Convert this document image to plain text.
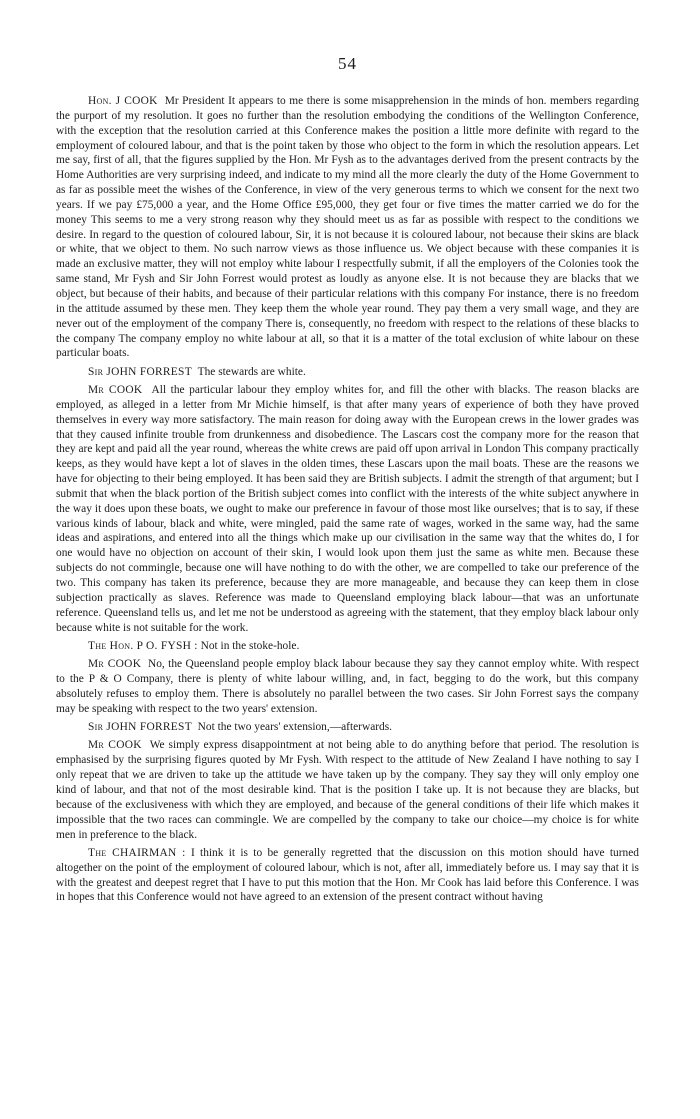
54

Hon. J COOK Mr President It appears to me there is some misapprehension in the minds of hon. members regarding the purport of my resolution. It goes no further than the resolution embodying the conditions of the Wellington Conference, with the exception that the resolution carried at this Conference makes the position a little more definite with regard to the employment of coloured labour, and that is the point taken by those who object to the form in which the resolution appears. Let me say, first of all, that the figures supplied by the Hon. Mr Fysh as to the advantages derived from the present contracts by the Home Authorities are very surprising indeed, and indicate to my mind all the more clearly the duty of the Home Government to as far as possible meet the wishes of the Conference, in view of the very generous terms to which we consent for the next two years. If we pay £75,000 a year, and the Home Office £95,000, they get four or five times the matter carried we do for the money This seems to me a very strong reason why they should meet us as far as possible with respect to the conditions we desire. In regard to the question of coloured labour, Sir, it is not because it is coloured labour, not because their skins are black or white, that we object to them. No such narrow views as those influence us. We object because with these companies it is made an exclusive matter, they will not employ white labour I respectfully submit, if all the employers of the Colonies took the same stand, Mr Fysh and Sir John Forrest would protest as loudly as anyone else. It is not because they are blacks that we object, but because of their habits, and because of their particular relations with this company For instance, there is no freedom in the attitude assumed by these men. They keep them the whole year round. They pay them a very small wage, and they are never out of the employment of the company There is, consequently, no freedom with respect to the relations of these blacks to the company The company employ no white labour at all, so that it is a matter of the total exclusion of white labour on these particular boats.

Sir JOHN FORREST The stewards are white.

Mr COOK All the particular labour they employ whites for, and fill the other with blacks. The reason blacks are employed, as alleged in a letter from Mr Michie himself, is that after many years of experience of both they have proved themselves in every way more satisfactory. The main reason for doing away with the European crews in the lower grades was that they caused infinite trouble from drunkenness and disobedience. The Lascars cost the company more for the reason that they are kept and paid all the year round, whereas the white crews are paid off upon arrival in London This company practically keeps, as they would have kept a lot of slaves in the olden times, these Lascars upon the mail boats. These are the reasons we have for objecting to their being employed. It has been said they are British subjects. I admit the strength of that argument; but I submit that when the black portion of the British subject comes into conflict with the interests of the white subject anywhere in the way it does upon these boats, we ought to make our preference in favour of those most like ourselves; that is to say, if these various kinds of labour, black and white, were mingled, paid the same rate of wages, worked in the same way, had the same ideas and aspirations, and entered into all the things which make up our civilisation in the same way that the whites do, I for one would have no objection on account of their skin, I would look upon them just the same as white men. Because these subjects do not commingle, because one will have nothing to do with the other, we are compelled to take our preference of the two. This company has taken its preference, because they are more manageable, and because they can keep them in close subjection practically as slaves. Reference was made to Queensland employing black labour—that was an unfortunate reference. Queensland tells us, and let me not be understood as agreeing with the statement, that they employ black labour only because white is not suitable for the work.

The Hon. P O. FYSH : Not in the stoke-hole.

Mr COOK No, the Queensland people employ black labour because they say they cannot employ white. With respect to the P & O Company, there is plenty of white labour willing, and, in fact, begging to do the work, but this company absolutely refuses to employ them. There is absolutely no parallel between the two cases. Sir John Forrest says the company may be speaking with respect to the two years' extension.

Sir JOHN FORREST Not the two years' extension,—afterwards.

Mr COOK We simply express disappointment at not being able to do anything before that period. The resolution is emphasised by the surprising figures quoted by Mr Fysh. With respect to the attitude of New Zealand I have nothing to say I only repeat that we are driven to take up the attitude we have taken up by the company. They say they will only employ one kind of labour, and that not of the most desirable kind. That is the position I take up. It is not because they are blacks, but because of the exclusiveness with which they are employed, and because of the general conditions of their life which makes it impossible that the two races can commingle. We are compelled by the company to take our choice—my choice is for white men in preference to the black.

The CHAIRMAN : I think it is to be generally regretted that the discussion on this motion should have turned altogether on the point of the employment of coloured labour, which is not, after all, immediately before us. I may say that it is with the greatest and deepest regret that I have to put this motion that the Hon. Mr Cook has laid before this Conference. I was in hopes that this Conference would not have agreed to an extension of the present contract without having
